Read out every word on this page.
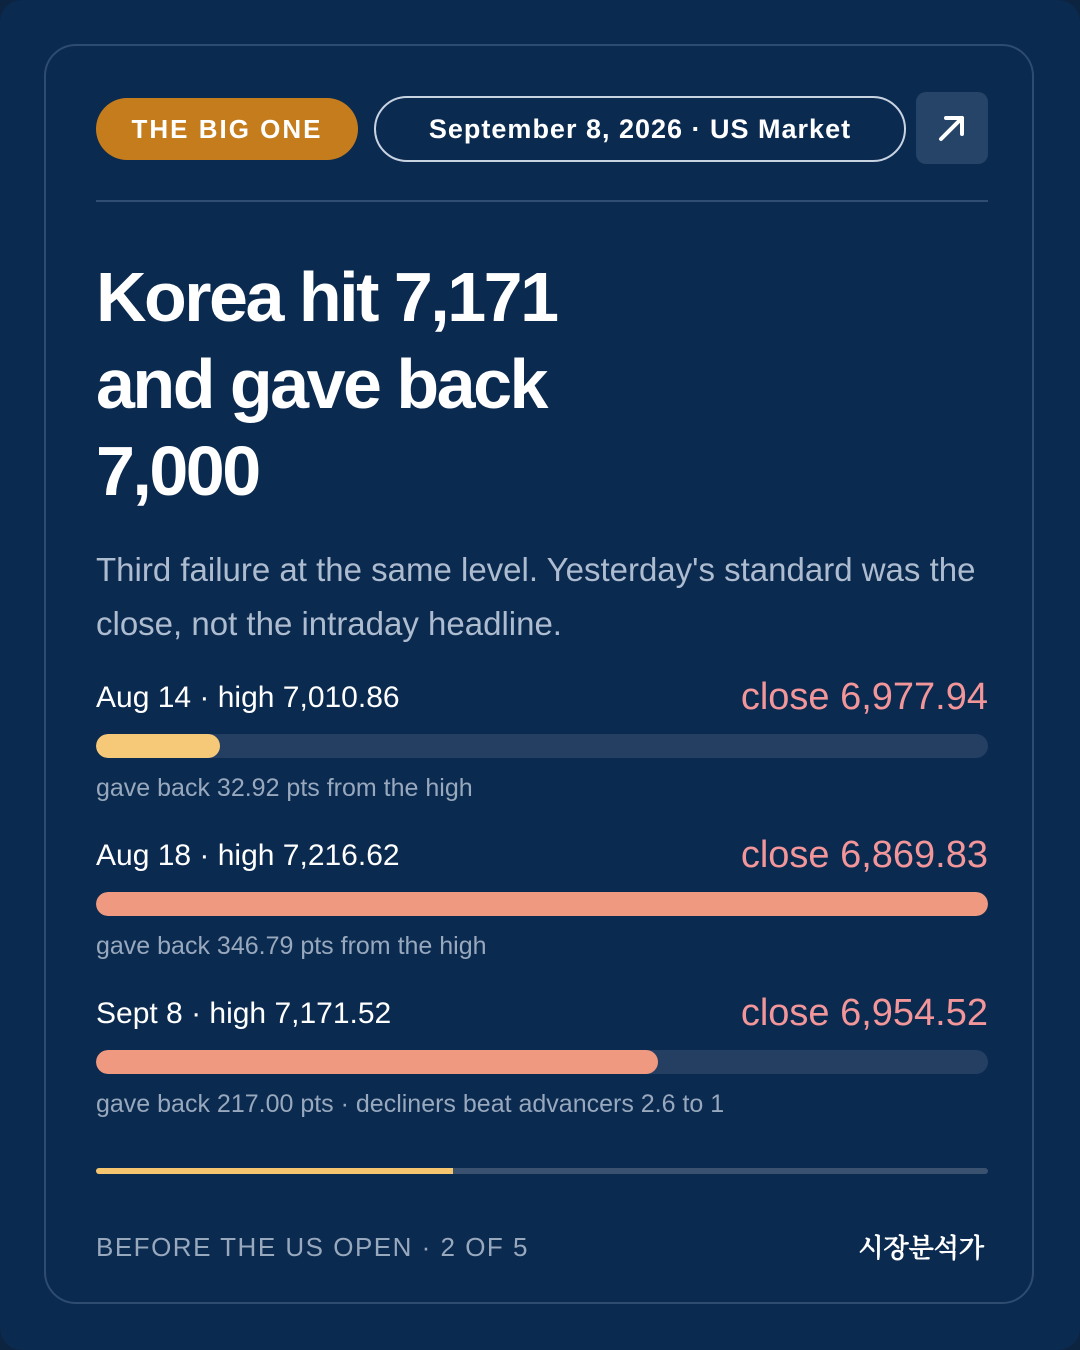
THE BIG ONE	September 8, 2026 · US Market
Korea hit 7,171
and gave back
7,000

Third failure at the same level. Yesterday's standard was the close, not the intraday headline.

Aug 14 · high 7,010.86	close 6,977.94
gave back 32.92 pts from the high
Aug 18 · high 7,216.62	close 6,869.83
gave back 346.79 pts from the high
Sept 8 · high 7,171.52	close 6,954.52
gave back 217.00 pts · decliners beat advancers 2.6 to 1
BEFORE THE US OPEN · 2 OF 5	시장분석가
